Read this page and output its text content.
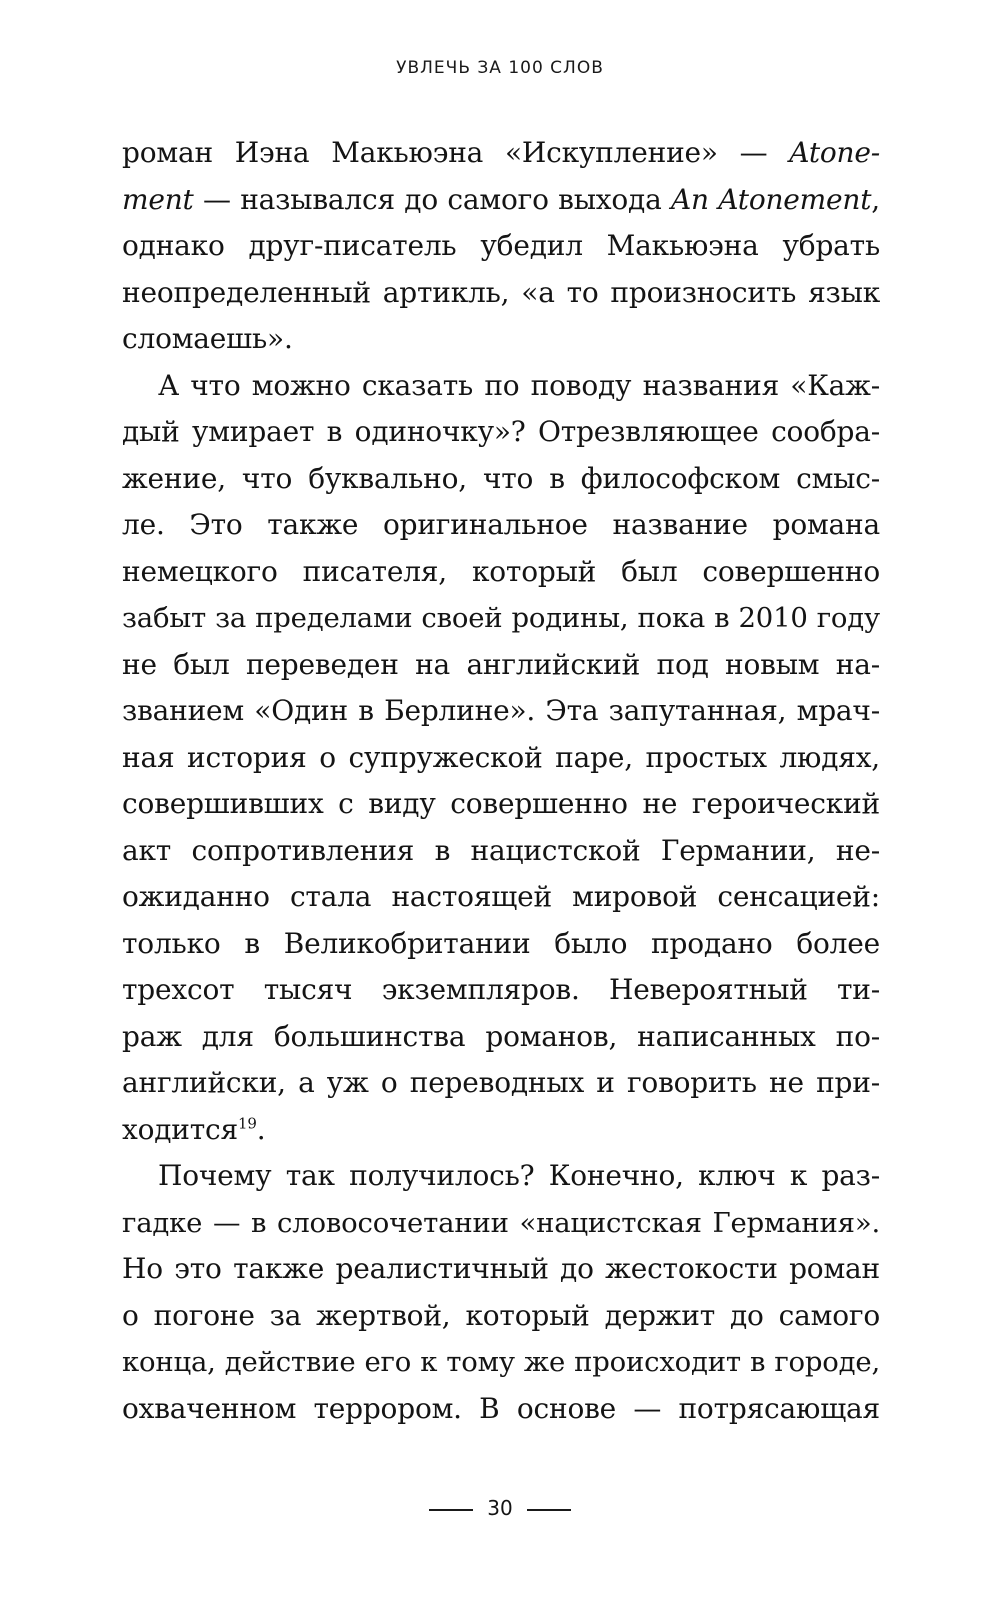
УВЛЕЧЬ ЗА 100 СЛОВ
роман Иэна Макьюэна «Искупление» — Atone-
ment — назывался до самого выхода An Atonement,
однако друг-писатель убедил Макьюэна убрать
неопределенный артикль, «а то произносить язык
сломаешь».
А что можно сказать по поводу названия «Каж-
дый умирает в одиночку»? Отрезвляющее сообра-
жение, что буквально, что в философском смыс-
ле. Это также оригинальное название романа
немецкого писателя, который был совершенно
забыт за пределами своей родины, пока в 2010 году
не был переведен на английский под новым на-
званием «Один в Берлине». Эта запутанная, мрач-
ная история о супружеской паре, простых людях,
совершивших с виду совершенно не героический
акт сопротивления в нацистской Германии, не-
ожиданно стала настоящей мировой сенсацией:
только в Великобритании было продано более
трехсот тысяч экземпляров. Невероятный ти-
раж для большинства романов, написанных по-
английски, а уж о переводных и говорить не при-
ходится$^{19}$.
Почему так получилось? Конечно, ключ к раз-
гадке — в словосочетании «нацистская Германия».
Но это также реалистичный до жестокости роман
о погоне за жертвой, который держит до самого
конца, действие его к тому же происходит в городе,
охваченном террором. В основе — потрясающая
30
